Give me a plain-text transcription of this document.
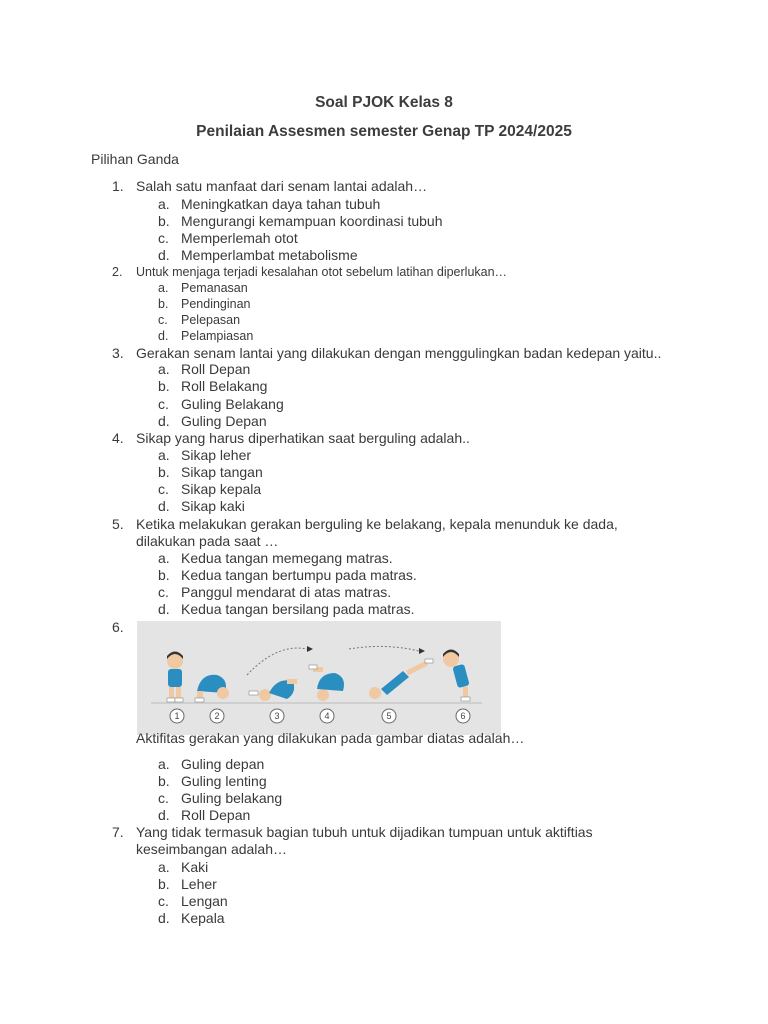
Soal PJOK Kelas 8
Penilaian Assesmen semester Genap TP 2024/2025
Pilihan Ganda
1. Salah satu manfaat dari senam lantai adalah…
a. Meningkatkan daya tahan tubuh
b. Mengurangi kemampuan koordinasi tubuh
c. Memperlemah otot
d. Memperlambat metabolisme
2. Untuk menjaga terjadi kesalahan otot sebelum latihan diperlukan…
a. Pemanasan
b. Pendinginan
c. Pelepasan
d. Pelampiasan
3. Gerakan senam lantai yang dilakukan dengan menggulingkan badan kedepan yaitu..
a. Roll Depan
b. Roll Belakang
c. Guling Belakang
d. Guling Depan
4. Sikap yang harus diperhatikan saat berguling adalah..
a. Sikap leher
b. Sikap tangan
c. Sikap kepala
d. Sikap kaki
5. Ketika melakukan gerakan berguling ke belakang, kepala menunduk ke dada,
dilakukan pada saat …
a. Kedua tangan memegang matras.
b. Kedua tangan bertumpu pada matras.
c. Panggul mendarat di atas matras.
d. Kedua tangan bersilang pada matras.
6.
1	2	3	4	5	6
Aktifitas gerakan yang dilakukan pada gambar diatas adalah…
a. Guling depan
b. Guling lenting
c. Guling belakang
d. Roll Depan
7. Yang tidak termasuk bagian tubuh untuk dijadikan tumpuan untuk aktiftias
keseimbangan adalah…
a. Kaki
b. Leher
c. Lengan
d. Kepala
